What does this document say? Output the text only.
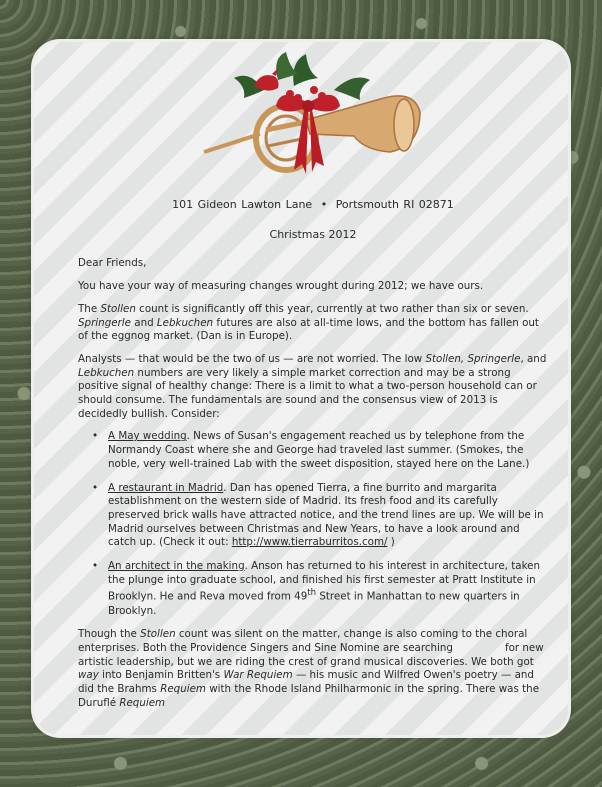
101 Gideon Lawton Lane • Portsmouth RI 02871

Christmas 2012

Dear Friends,

You have your way of measuring changes wrought during 2012; we have ours.

The Stollen count is significantly off this year, currently at two rather than six or seven. Springerle and Lebkuchen futures are also at all-time lows, and the bottom has fallen out of the eggnog market. (Dan is in Europe).

Analysts — that would be the two of us — are not worried. The low Stollen, Springerle, and Lebkuchen numbers are very likely a simple market correction and may be a strong positive signal of healthy change: There is a limit to what a two-person household can or should consume. The fundamentals are sound and the consensus view of 2013 is decidedly bullish. Consider:

• A May wedding. News of Susan's engagement reached us by telephone from the Normandy Coast where she and George had traveled last summer. (Smokes, the noble, very well-trained Lab with the sweet disposition, stayed here on the Lane.)
• A restaurant in Madrid. Dan has opened Tierra, a fine burrito and margarita establishment on the western side of Madrid. Its fresh food and its carefully preserved brick walls have attracted notice, and the trend lines are up. We will be in Madrid ourselves between Christmas and New Years, to have a look around and catch up. (Check it out: http://www.tierraburritos.com/ )
• An architect in the making. Anson has returned to his interest in architecture, taken the plunge into graduate school, and finished his first semester at Pratt Institute in Brooklyn. He and Reva moved from 49th Street in Manhattan to new quarters in Brooklyn.

Though the Stollen count was silent on the matter, change is also coming to the choral enterprises. Both the Providence Singers and Sine Nomine are searching	for new artistic leadership, but we are riding the crest of grand musical discoveries. We both got way into Benjamin Britten's War Requiem — his music and Wilfred Owen's poetry — and did the Brahms Requiem with the Rhode Island Philharmonic in the spring. There was the Duruflé Requiem
